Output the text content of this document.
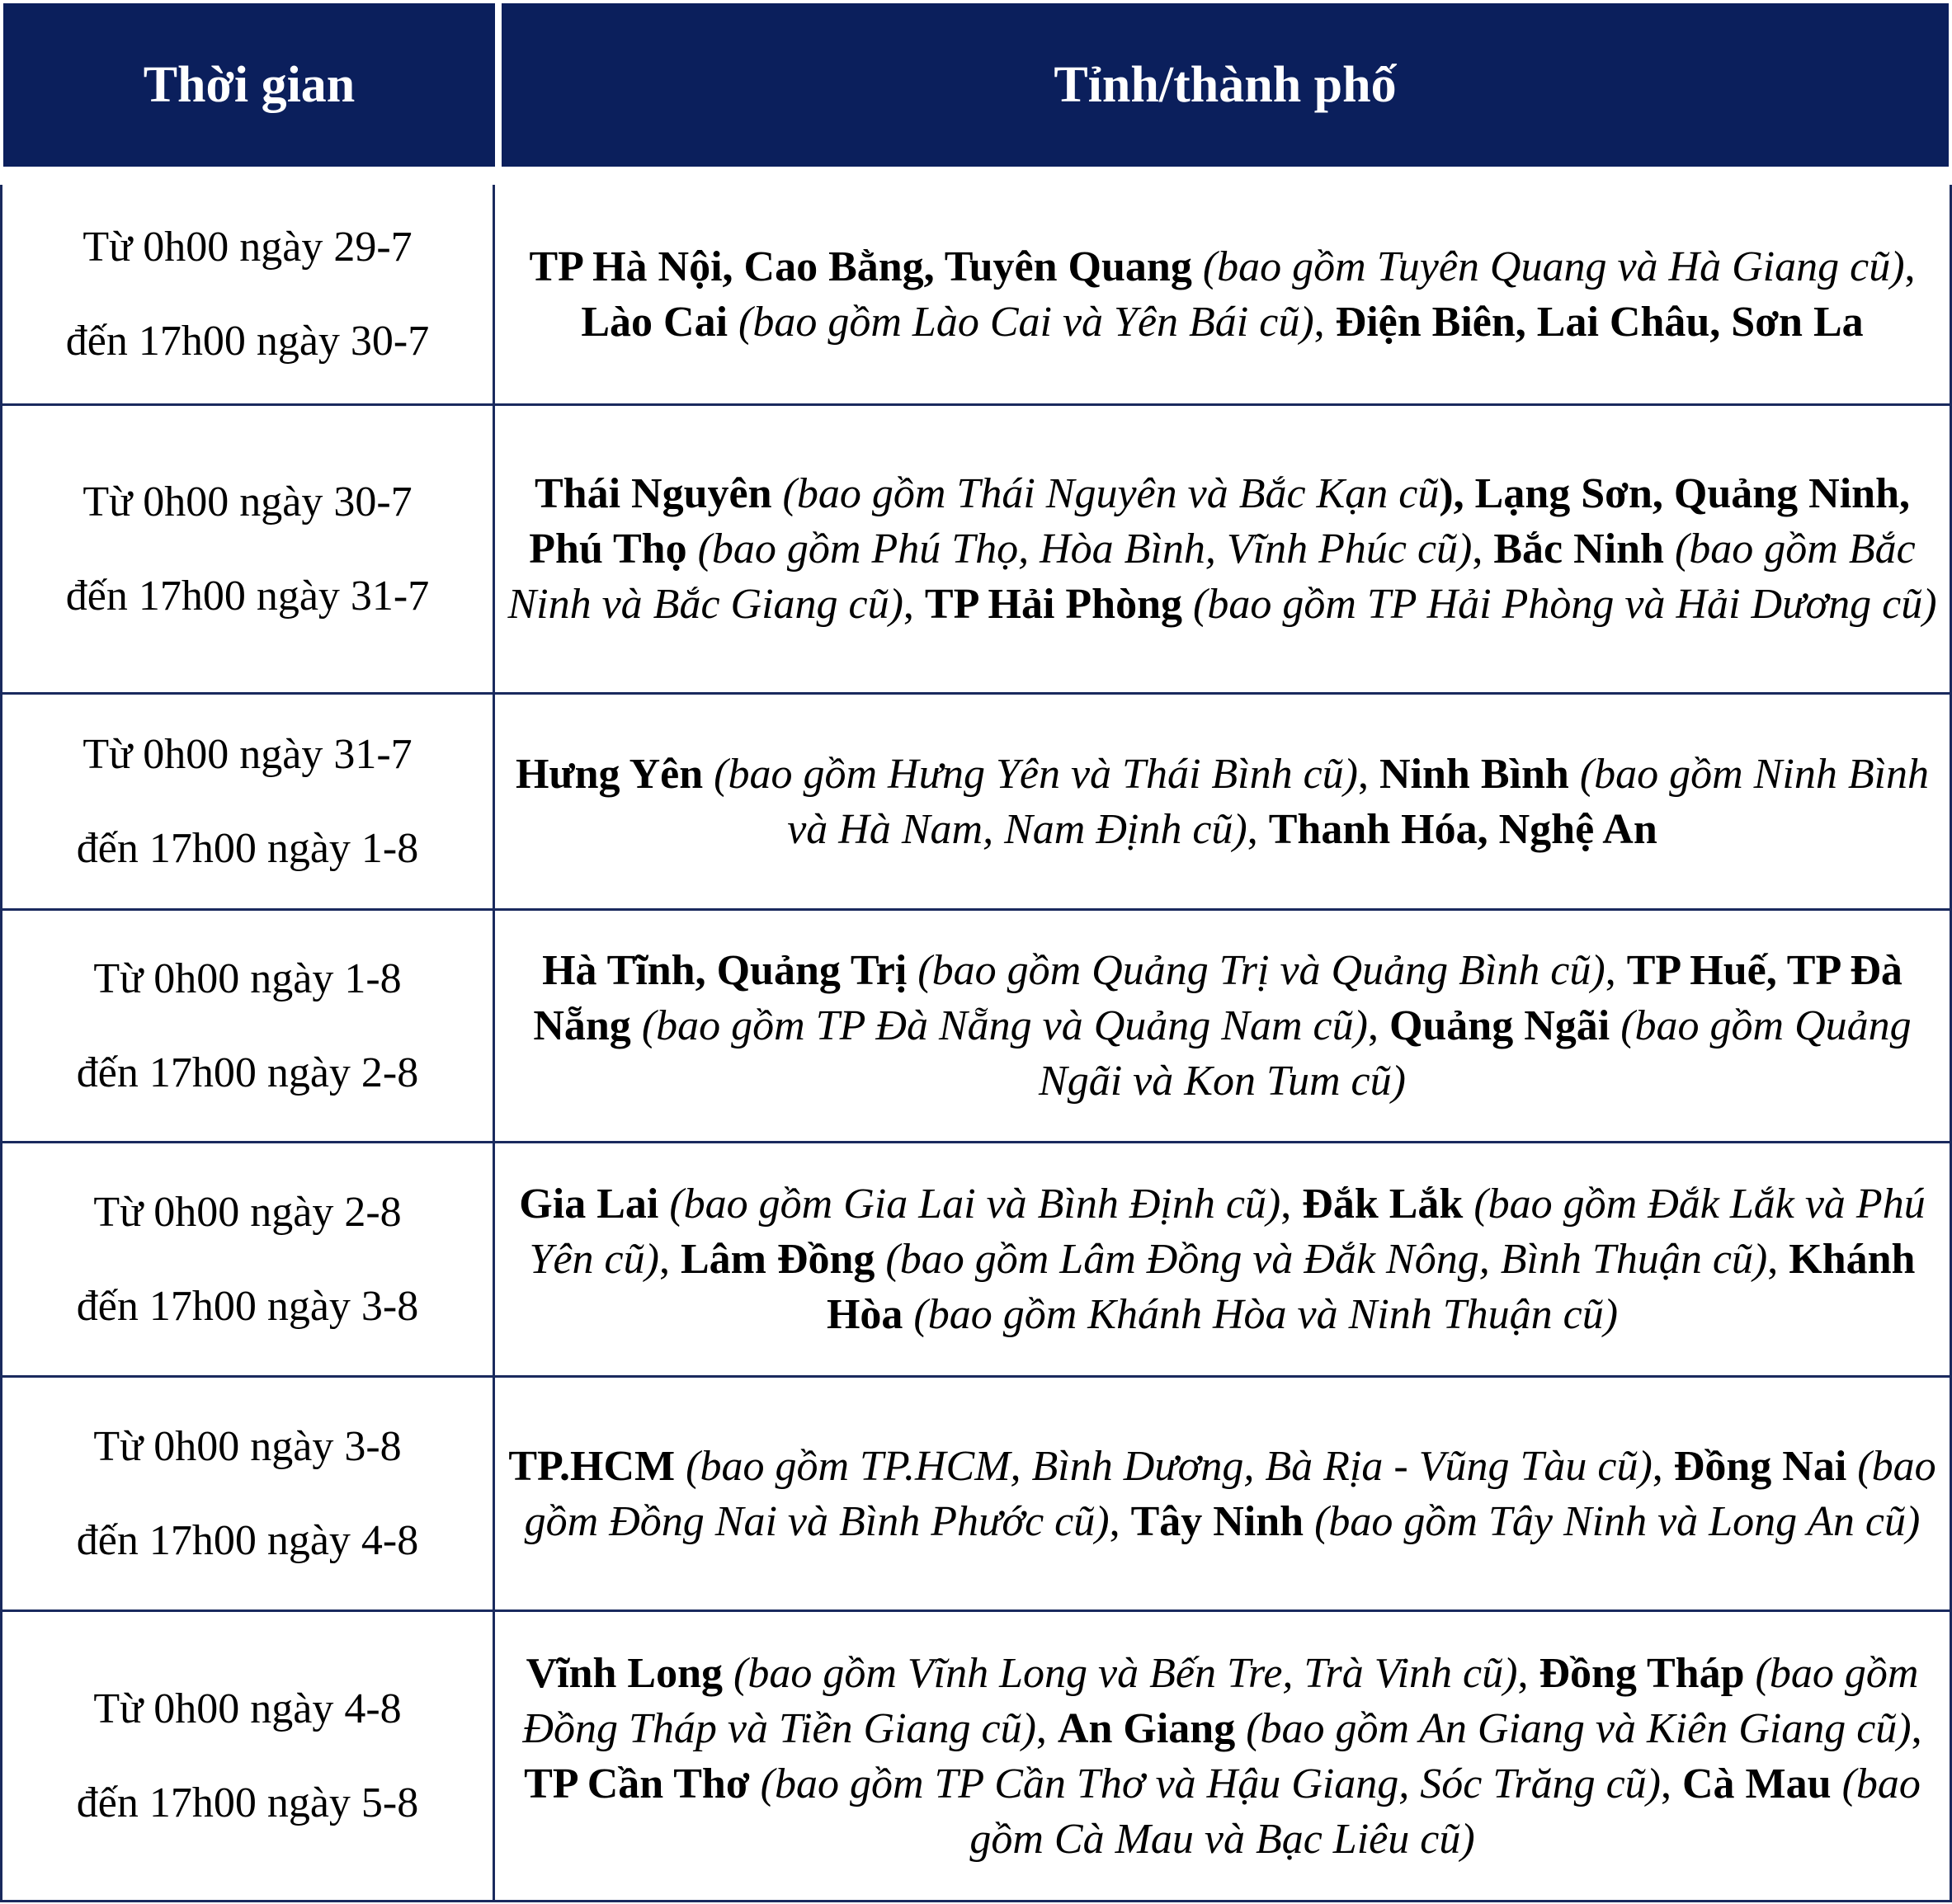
Thời gian	Tỉnh/thành phố
Từ 0h00 ngày 29-7
đến 17h00 ngày 30-7
TP Hà Nội, Cao Bằng, Tuyên Quang (bao gồm Tuyên Quang và Hà Giang cũ), Lào Cai (bao gồm Lào Cai và Yên Bái cũ), Điện Biên, Lai Châu, Sơn La
Từ 0h00 ngày 30-7
đến 17h00 ngày 31-7
Thái Nguyên (bao gồm Thái Nguyên và Bắc Kạn cũ), Lạng Sơn, Quảng Ninh, Phú Thọ (bao gồm Phú Thọ, Hòa Bình, Vĩnh Phúc cũ), Bắc Ninh (bao gồm Bắc Ninh và Bắc Giang cũ), TP Hải Phòng (bao gồm TP Hải Phòng và Hải Dương cũ)
Từ 0h00 ngày 31-7
đến 17h00 ngày 1-8
Hưng Yên (bao gồm Hưng Yên và Thái Bình cũ), Ninh Bình (bao gồm Ninh Bình và Hà Nam, Nam Định cũ), Thanh Hóa, Nghệ An
Từ 0h00 ngày 1-8
đến 17h00 ngày 2-8
Hà Tĩnh, Quảng Trị (bao gồm Quảng Trị và Quảng Bình cũ), TP Huế, TP Đà Nẵng (bao gồm TP Đà Nẵng và Quảng Nam cũ), Quảng Ngãi (bao gồm Quảng Ngãi và Kon Tum cũ)
Từ 0h00 ngày 2-8
đến 17h00 ngày 3-8
Gia Lai (bao gồm Gia Lai và Bình Định cũ), Đắk Lắk (bao gồm Đắk Lắk và Phú Yên cũ), Lâm Đồng (bao gồm Lâm Đồng và Đắk Nông, Bình Thuận cũ), Khánh Hòa (bao gồm Khánh Hòa và Ninh Thuận cũ)
Từ 0h00 ngày 3-8
đến 17h00 ngày 4-8
TP.HCM (bao gồm TP.HCM, Bình Dương, Bà Rịa - Vũng Tàu cũ), Đồng Nai (bao gồm Đồng Nai và Bình Phước cũ), Tây Ninh (bao gồm Tây Ninh và Long An cũ)
Từ 0h00 ngày 4-8
đến 17h00 ngày 5-8
Vĩnh Long (bao gồm Vĩnh Long và Bến Tre, Trà Vinh cũ), Đồng Tháp (bao gồm Đồng Tháp và Tiền Giang cũ), An Giang (bao gồm An Giang và Kiên Giang cũ), TP Cần Thơ (bao gồm TP Cần Thơ và Hậu Giang, Sóc Trăng cũ), Cà Mau (bao gồm Cà Mau và Bạc Liêu cũ)
